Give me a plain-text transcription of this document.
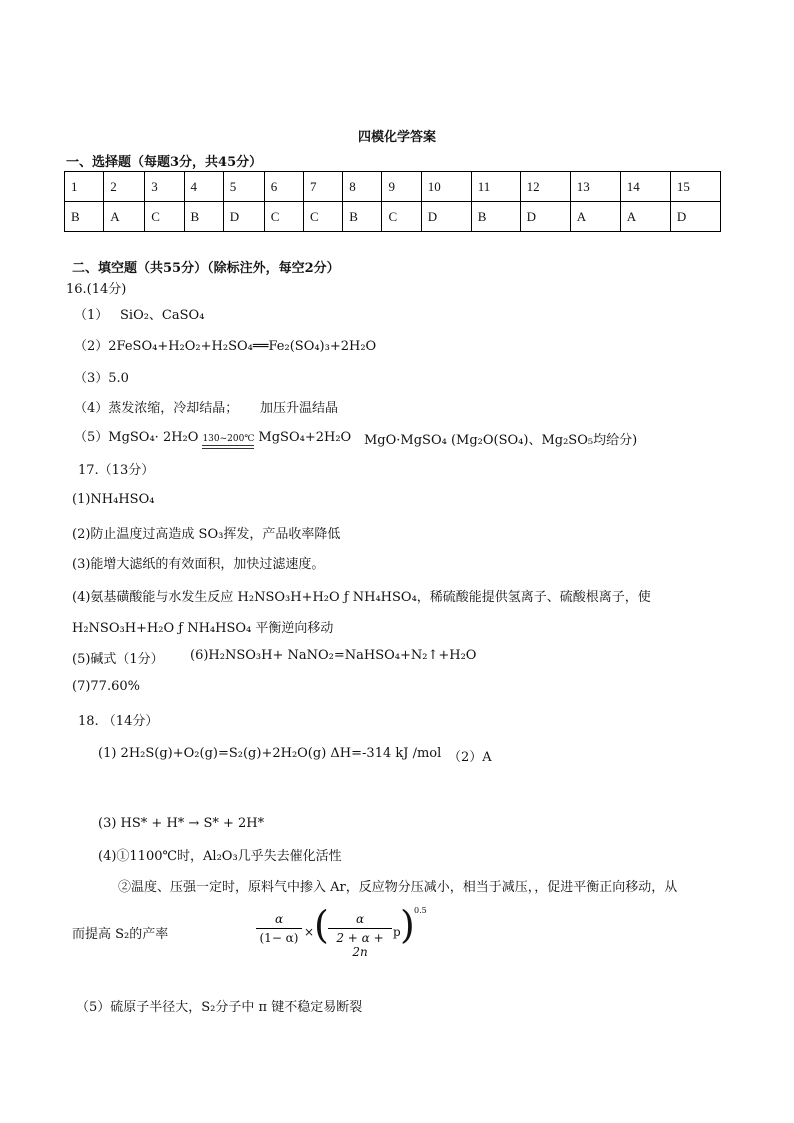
四模化学答案
一、选择题（每题3分，共45分）
1	2	3	4	5	6	7	8	9	10	11	12	13	14	15
B	A	C	B	D	C	C	B	C	D	B	D	A	A	D
二、填空题（共55分）（除标注外，每空2分）
16.(14分)
（1） SiO₂、CaSO₄
（2）2FeSO₄+H₂O₂+H₂SO₄══Fe₂(SO₄)₃+2H₂O
（3）5.0
（4）蒸发浓缩，冷却结晶； 加压升温结晶
（5）MgSO₄· 2H₂O 130~200℃ MgSO₄+2H₂O MgO·MgSO₄ (Mg₂O(SO₄)、Mg₂SO₅均给分)
17.（13分）
(1)NH₄HSO₄
(2)防止温度过高造成 SO₃挥发，产品收率降低
(3)能增大滤纸的有效面积，加快过滤速度。
(4)氨基磺酸能与水发生反应 H₂NSO₃H+H₂O ƒ NH₄HSO₄，稀硫酸能提供氢离子、硫酸根离子，使
H₂NSO₃H+H₂O ƒ NH₄HSO₄ 平衡逆向移动
(5)碱式（1分） (6)H₂NSO₃H+ NaNO₂=NaHSO₄+N₂↑+H₂O
(7)77.60%
18. （14分）
(1) 2H₂S(g)+O₂(g)=S₂(g)+2H₂O(g) ΔH=-314 kJ /mol （2）A
(3) HS* + H* → S* + 2H*
(4)①1100℃时，Al₂O₃几乎失去催化活性
②温度、压强一定时，原料气中掺入 Ar，反应物分压减小，相当于减压，，促进平衡正向移动，从
而提高 S₂的产率
α
(1− α) × (	α
2 + α + 2n
p ) 0.5
（5）硫原子半径大，S₂分子中 π 键不稳定易断裂
